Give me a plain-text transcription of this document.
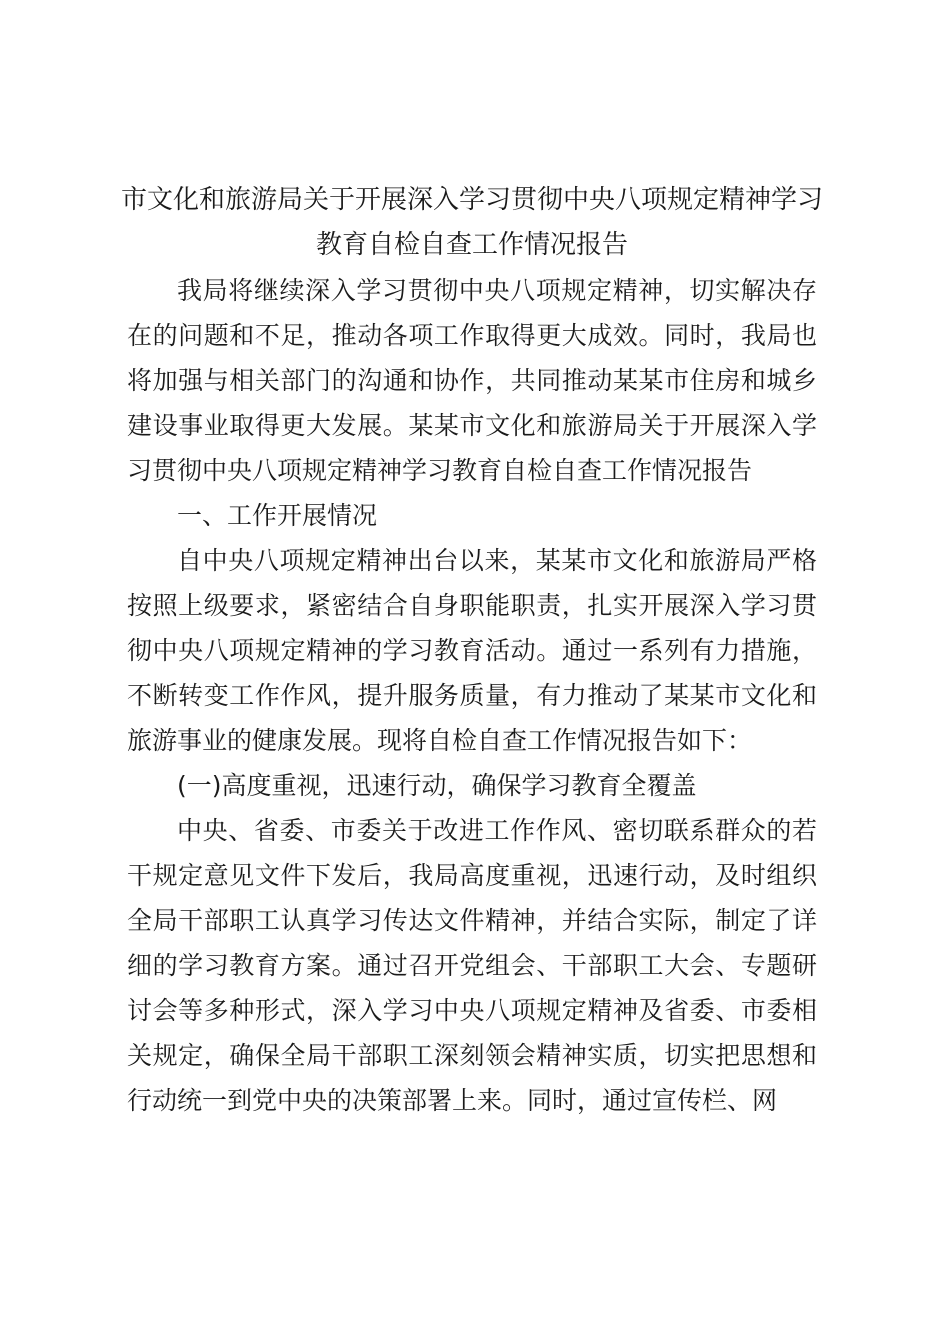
市文化和旅游局关于开展深入学习贯彻中央八项规定精神学习
教育自检自查工作情况报告

我局将继续深入学习贯彻中央八项规定精神，切实解决存在的问题和不足，推动各项工作取得更大成效。同时，我局也将加强与相关部门的沟通和协作，共同推动某某市住房和城乡建设事业取得更大发展。某某市文化和旅游局关于开展深入学习贯彻中央八项规定精神学习教育自检自查工作情况报告

一、工作开展情况

自中央八项规定精神出台以来，某某市文化和旅游局严格按照上级要求，紧密结合自身职能职责，扎实开展深入学习贯彻中央八项规定精神的学习教育活动。通过一系列有力措施，不断转变工作作风，提升服务质量，有力推动了某某市文化和旅游事业的健康发展。现将自检自查工作情况报告如下：

(一)高度重视，迅速行动，确保学习教育全覆盖

中央、省委、市委关于改进工作作风、密切联系群众的若干规定意见文件下发后，我局高度重视，迅速行动，及时组织全局干部职工认真学习传达文件精神，并结合实际，制定了详细的学习教育方案。通过召开党组会、干部职工大会、专题研讨会等多种形式，深入学习中央八项规定精神及省委、市委相关规定，确保全局干部职工深刻领会精神实质，切实把思想和行动统一到党中央的决策部署上来。同时，通过宣传栏、网
